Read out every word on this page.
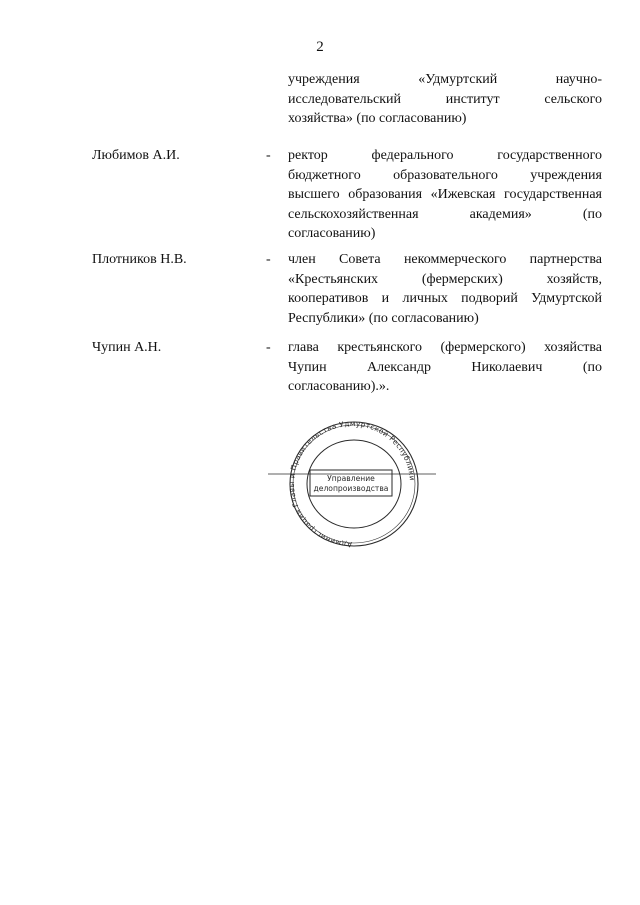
2
учреждения «Удмуртский научно-
исследовательский институт сельского
хозяйства» (по согласованию)
Любимов А.И.	- ректор федерального государственного
бюджетного образовательного учреждения
высшего образования «Ижевская государственная
сельскохозяйственная академия» (по
согласованию)
Плотников Н.В.	- член Совета некоммерческого партнерства
«Крестьянских (фермерских) хозяйств,
кооперативов и личных подворий Удмуртской
Республики» (по согласованию)
Чупин А.Н.	- глава крестьянского (фермерского) хозяйства
Чупин Александр Николаевич (по
согласованию).».
Администрация Главы и Правительства Удмуртской Республики
Управление
делопроизводства
